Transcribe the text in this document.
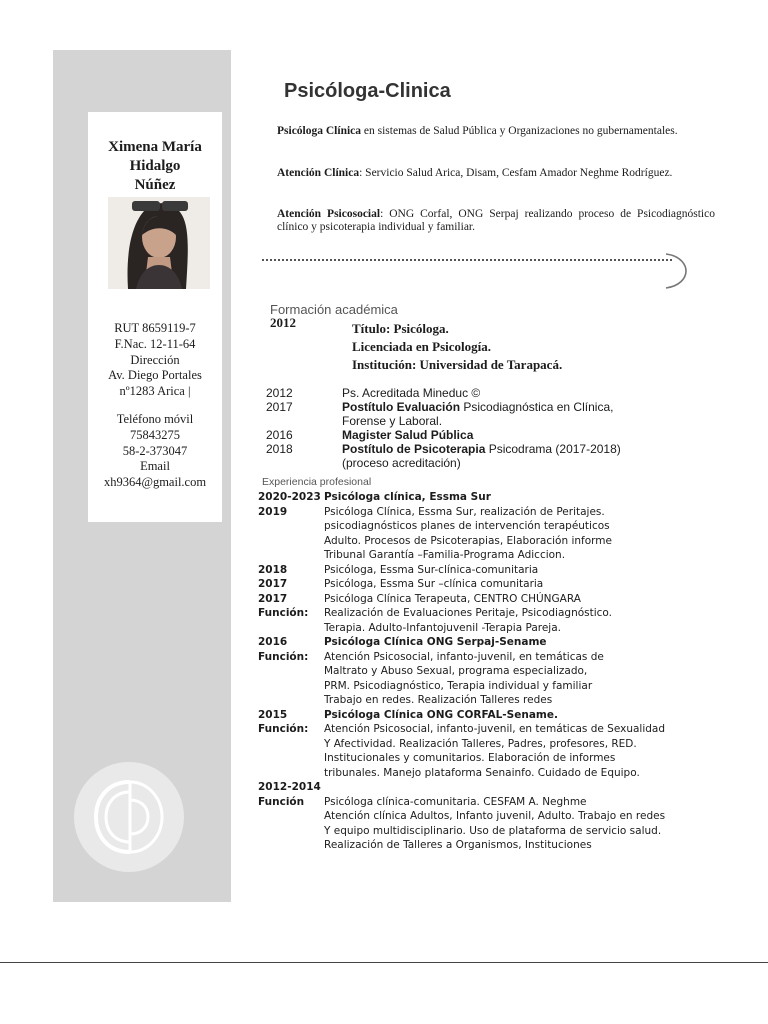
Ximena María
Hidalgo
Núñez
RUT 8659119-7
F.Nac. 12-11-64
Dirección
Av. Diego Portales
nº1283 Arica |
Teléfono móvil
75843275
58-2-373047
Email
xh9364@gmail.com
Psicóloga-Clinica
Psicóloga Clínica en sistemas de Salud Pública y Organizaciones no gubernamentales.
Atención Clínica: Servicio Salud Arica, Disam, Cesfam Amador Neghme Rodríguez.
Atención Psicosocial: ONG Corfal, ONG Serpaj realizando proceso de Psicodiagnóstico clínico y psicoterapia individual y familiar.
Formación académica
2012	Título: Psicóloga.
Licenciada en Psicología.
Institución: Universidad de Tarapacá.
2012	Ps. Acreditada Mineduc ©
2017	Postítulo Evaluación Psicodiagnóstica en Clínica,
Forense y Laboral.
2016	Magister Salud Pública
2018	Postítulo de Psicoterapia Psicodrama (2017-2018)
(proceso acreditación)
Experiencia profesional
2020-2023 Psicóloga clínica, Essma Sur
2019	Psicóloga Clínica, Essma Sur, realización de Peritajes.
psicodiagnósticos planes de intervención terapéuticos
Adulto. Procesos de Psicoterapias, Elaboración informe
Tribunal Garantía –Familia-Programa Adiccion.
2018	Psicóloga, Essma Sur-clínica-comunitaria
2017	Psicóloga, Essma Sur –clínica comunitaria
2017	Psicóloga Clínica Terapeuta, CENTRO CHÚNGARA
Función:	Realización de Evaluaciones Peritaje, Psicodiagnóstico.
Terapia. Adulto-Infantojuvenil -Terapia Pareja.
2016	Psicóloga Clínica ONG Serpaj-Sename
Función:	Atención Psicosocial, infanto-juvenil, en temáticas de
Maltrato y Abuso Sexual, programa especializado,
PRM. Psicodiagnóstico, Terapia individual y familiar
Trabajo en redes. Realización Talleres redes
2015	Psicóloga Clínica ONG CORFAL-Sename.
Función:	Atención Psicosocial, infanto-juvenil, en temáticas de Sexualidad
Y Afectividad. Realización Talleres, Padres, profesores, RED.
Institucionales y comunitarios. Elaboración de informes
tribunales. Manejo plataforma Senainfo. Cuidado de Equipo.
2012-2014
Función	Psicóloga clínica-comunitaria. CESFAM A. Neghme
Atención clínica Adultos, Infanto juvenil, Adulto. Trabajo en redes
Y equipo multidisciplinario. Uso de plataforma de servicio salud.
Realización de Talleres a Organismos, Instituciones
